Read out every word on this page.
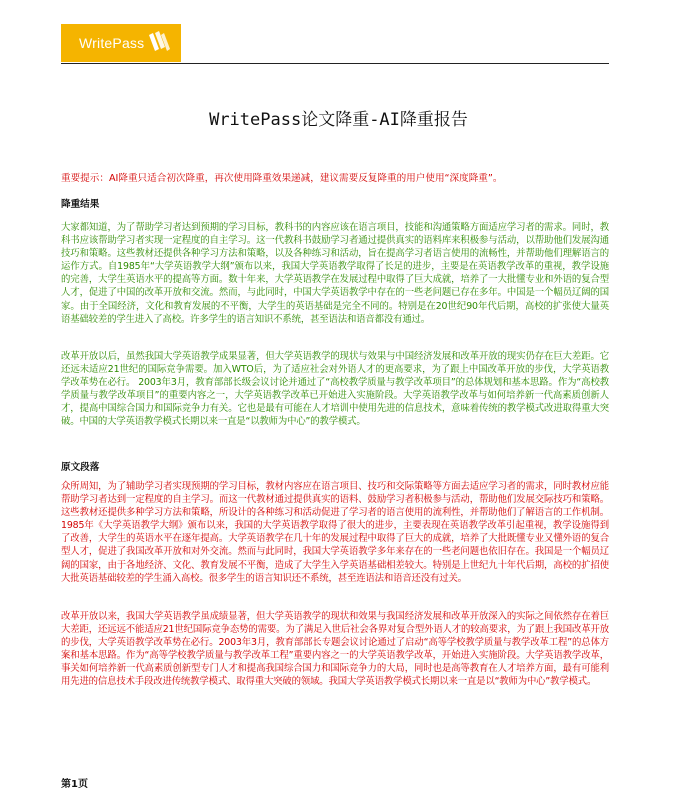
WritePass
WritePass论文降重-AI降重报告
重要提示：AI降重只适合初次降重，再次使用降重效果递减，建议需要反复降重的用户使用“深度降重”。
降重结果

大家都知道，为了帮助学习者达到预期的学习目标，教科书的内容应该在语言项目，技能和沟通策略方面适应学习者的需求。同时，教科书应该帮助学习者实现一定程度的自主学习。这一代教科书鼓励学习者通过提供真实的语料库来积极参与活动，以帮助他们发展沟通技巧和策略。这些教材还提供各种学习方法和策略，以及各种练习和活动，旨在提高学习者语言使用的流畅性，并帮助他们理解语言的运作方式。自1985年“大学英语教学大纲”颁布以来，我国大学英语教学取得了长足的进步，主要是在英语教学改革的重视，教学设施的完善，大学生英语水平的提高等方面。数十年来，大学英语教学在发展过程中取得了巨大成就，培养了一大批懂专业和外语的复合型人才，促进了中国的改革开放和交流。然而，与此同时，中国大学英语教学中存在的一些老问题已存在多年。中国是一个幅员辽阔的国家。由于全国经济，文化和教育发展的不平衡，大学生的英语基础是完全不同的。特别是在20世纪90年代后期，高校的扩张使大量英语基础较差的学生进入了高校。许多学生的语言知识不系统，甚至语法和语音都没有通过。

改革开放以后，虽然我国大学英语教学成果显著，但大学英语教学的现状与效果与中国经济发展和改革开放的现实仍存在巨大差距。它还远未适应21世纪的国际竞争需要。加入WTO后，为了适应社会对外语人才的更高要求，为了跟上中国改革开放的步伐，大学英语教学改革势在必行。 2003年3月，教育部部长级会议讨论并通过了“高校教学质量与教学改革项目”的总体规划和基本思路。作为“高校教学质量与教学改革项目”的重要内容之一，大学英语教学改革已开始进入实施阶段。大学英语教学改革与如何培养新一代高素质创新人才，提高中国综合国力和国际竞争力有关。它也是最有可能在人才培训中使用先进的信息技术，意味着传统的教学模式改进取得重大突破。中国的大学英语教学模式长期以来一直是“以教师为中心”的教学模式。

原文段落

众所周知，为了辅助学习者实现预期的学习目标，教材内容应在语言项目、技巧和交际策略等方面去适应学习者的需求，同时教材应能帮助学习者达到一定程度的自主学习。而这一代教材通过提供真实的语料、鼓励学习者积极参与活动，帮助他们发展交际技巧和策略。这些教材还提供多种学习方法和策略，所设计的各种练习和活动促进了学习者的语言使用的流利性，并帮助他们了解语言的工作机制。1985年《大学英语教学大纲》颁布以来，我国的大学英语教学取得了很大的进步，主要表现在英语教学改革引起重视，教学设施得到了改善，大学生的英语水平在逐年提高。大学英语教学在几十年的发展过程中取得了巨大的成就，培养了大批既懂专业又懂外语的复合型人才，促进了我国改革开放和对外交流。然而与此同时，我国大学英语教学多年来存在的一些老问题也依旧存在。我国是一个幅员辽阔的国家，由于各地经济、文化、教育发展不平衡，造成了大学生入学英语基础相差较大。特别是上世纪九十年代后期，高校的扩招使大批英语基础较差的学生涌入高校。很多学生的语言知识还不系统，甚至连语法和语音还没有过关。

改革开放以来，我国大学英语教学虽成绩显著，但大学英语教学的现状和效果与我国经济发展和改革开放深入的实际之间依然存在着巨大差距，还远远不能适应21世纪国际竞争态势的需要。为了满足入世后社会各界对复合型外语人才的较高要求，为了跟上我国改革开放的步伐，大学英语教学改革势在必行。2003年3月，教育部部长专题会议讨论通过了启动“高等学校教学质量与教学改革工程”的总体方案和基本思路。作为“高等学校教学质量与教学改革工程”重要内容之一的大学英语教学改革，开始进入实施阶段。大学英语教学改革，事关如何培养新一代高素质创新型专门人才和提高我国综合国力和国际竞争力的大局，同时也是高等教育在人才培养方面，最有可能利用先进的信息技术手段改进传统教学模式、取得重大突破的领域。我国大学英语教学模式长期以来一直是以“教师为中心”教学模式。

第1页
